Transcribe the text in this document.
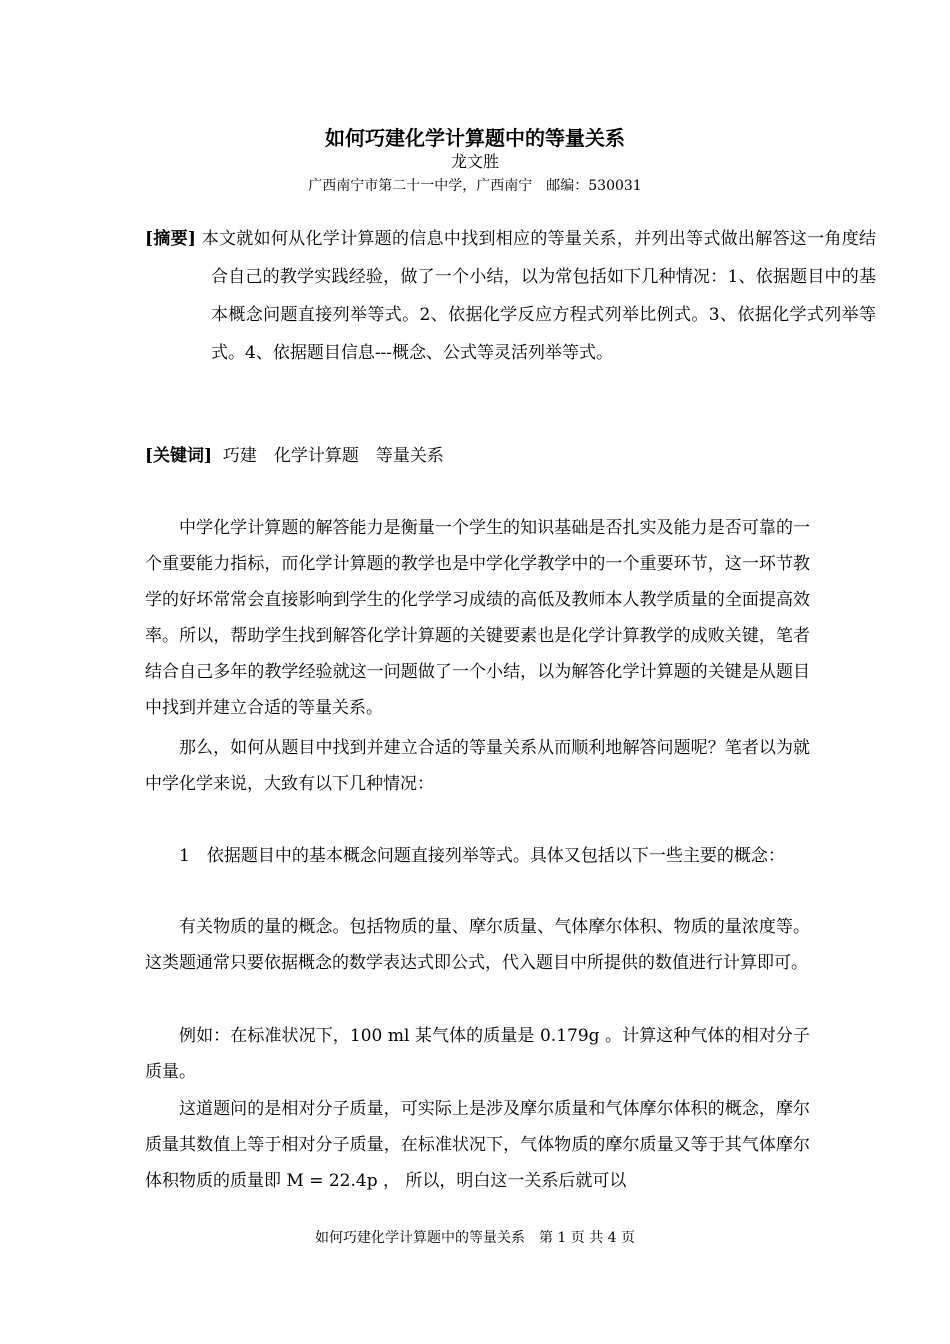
如何巧建化学计算题中的等量关系
龙文胜
广西南宁市第二十一中学，广西南宁　邮编：530031
[摘要] 本文就如何从化学计算题的信息中找到相应的等量关系，并列出等式做出解答这一角度结合自己的教学实践经验，做了一个小结，以为常包括如下几种情况：1、依据题目中的基本概念问题直接列举等式。2、依据化学反应方程式列举比例式。3、依据化学式列举等式。4、依据题目信息---概念、公式等灵活列举等式。
[关键词] 巧建　化学计算题　等量关系
中学化学计算题的解答能力是衡量一个学生的知识基础是否扎实及能力是否可靠的一个重要能力指标，而化学计算题的教学也是中学化学教学中的一个重要环节，这一环节教学的好坏常常会直接影响到学生的化学学习成绩的高低及教师本人教学质量的全面提高效率。所以，帮助学生找到解答化学计算题的关键要素也是化学计算教学的成败关键，笔者结合自己多年的教学经验就这一问题做了一个小结，以为解答化学计算题的关键是从题目中找到并建立合适的等量关系。
那么，如何从题目中找到并建立合适的等量关系从而顺利地解答问题呢？笔者以为就中学化学来说，大致有以下几种情况：
1　依据题目中的基本概念问题直接列举等式。具体又包括以下一些主要的概念：
有关物质的量的概念。包括物质的量、摩尔质量、气体摩尔体积、物质的量浓度等。这类题通常只要依据概念的数学表达式即公式，代入题目中所提供的数值进行计算即可。
例如：在标准状况下，100 ml 某气体的质量是 0.179g 。计算这种气体的相对分子质量。
这道题问的是相对分子质量，可实际上是涉及摩尔质量和气体摩尔体积的概念，摩尔质量其数值上等于相对分子质量，在标准状况下，气体物质的摩尔质量又等于其气体摩尔体积物质的质量即 M = 22.4p ， 所以，明白这一关系后就可以
如何巧建化学计算题中的等量关系　第 1 页 共 4 页
